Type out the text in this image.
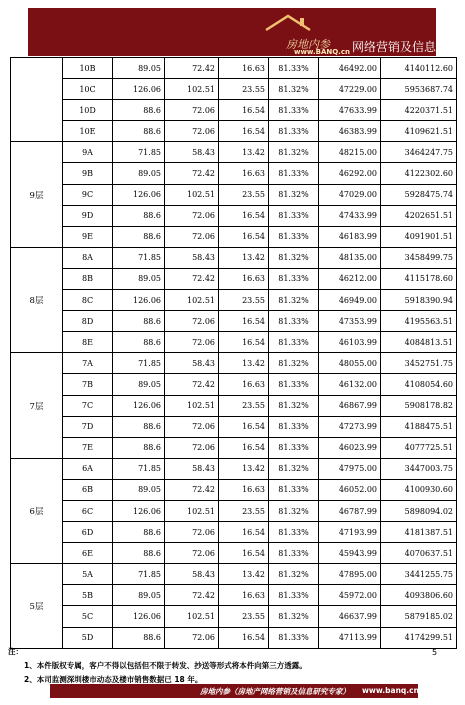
房地内参
www.BANQ.cn 网络营销及信息
	10B	89.05	72.42	16.63	81.33%	46492.00	4140112.60
	10C	126.06	102.51	23.55	81.32%	47229.00	5953687.74
	10D	88.6	72.06	16.54	81.33%	47633.99	4220371.51
	10E	88.6	72.06	16.54	81.33%	46383.99	4109621.51
9层	9A	71.85	58.43	13.42	81.32%	48215.00	3464247.75
	9B	89.05	72.42	16.63	81.33%	46292.00	4122302.60
	9C	126.06	102.51	23.55	81.32%	47029.00	5928475.74
	9D	88.6	72.06	16.54	81.33%	47433.99	4202651.51
	9E	88.6	72.06	16.54	81.33%	46183.99	4091901.51
8层	8A	71.85	58.43	13.42	81.32%	48135.00	3458499.75
	8B	89.05	72.42	16.63	81.33%	46212.00	4115178.60
	8C	126.06	102.51	23.55	81.32%	46949.00	5918390.94
	8D	88.6	72.06	16.54	81.33%	47353.99	4195563.51
	8E	88.6	72.06	16.54	81.33%	46103.99	4084813.51
7层	7A	71.85	58.43	13.42	81.32%	48055.00	3452751.75
	7B	89.05	72.42	16.63	81.33%	46132.00	4108054.60
	7C	126.06	102.51	23.55	81.32%	46867.99	5908178.82
	7D	88.6	72.06	16.54	81.33%	47273.99	4188475.51
	7E	88.6	72.06	16.54	81.33%	46023.99	4077725.51
6层	6A	71.85	58.43	13.42	81.32%	47975.00	3447003.75
	6B	89.05	72.42	16.63	81.33%	46052.00	4100930.60
	6C	126.06	102.51	23.55	81.32%	46787.99	5898094.02
	6D	88.6	72.06	16.54	81.33%	47193.99	4181387.51
	6E	88.6	72.06	16.54	81.33%	45943.99	4070637.51
5层	5A	71.85	58.43	13.42	81.32%	47895.00	3441255.75
	5B	89.05	72.42	16.63	81.33%	45972.00	4093806.60
	5C	126.06	102.51	23.55	81.32%	46637.99	5879185.02
	5D	88.6	72.06	16.54	81.33%	47113.99	4174299.51
注：
1、本件版权专属，客户不得以包括但不限于转发、抄送等形式将本件向第三方透露。
2、本司监测深圳楼市动态及楼市销售数据已 18 年。
5
房地内参（房地产网络营销及信息研究专家） www.banq.cn
